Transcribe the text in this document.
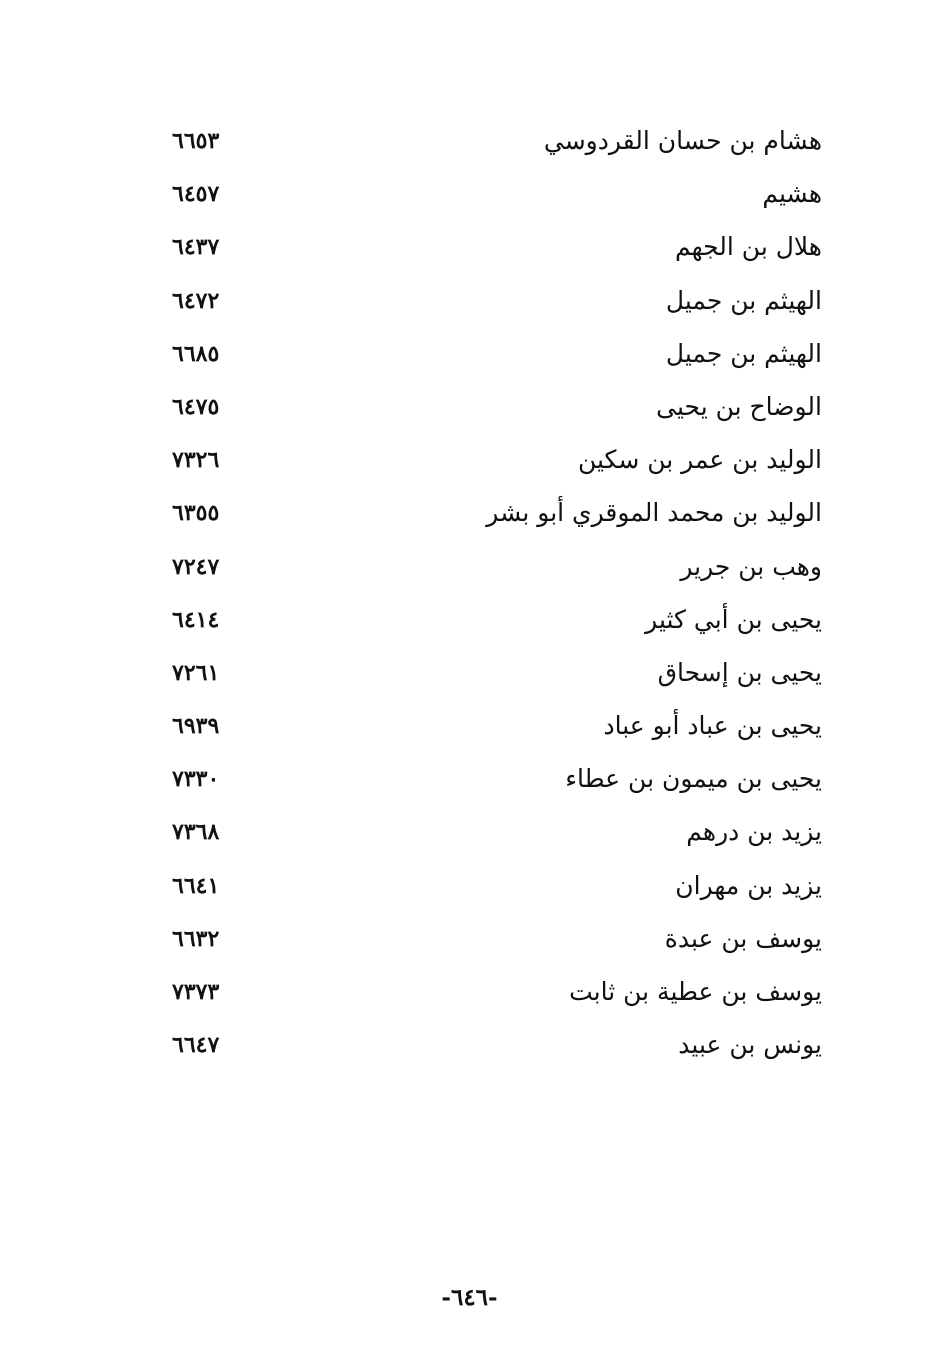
هشام بن حسان القردوسي
٦٦٥٣
هشيم
٦٤٥٧
هلال بن الجهم
٦٤٣٧
الهيثم بن جميل
٦٤٧٢
الهيثم بن جميل
٦٦٨٥
الوضاح بن يحيى
٦٤٧٥
الوليد بن عمر بن سكين
٧٣٢٦
الوليد بن محمد الموقري أبو بشر
٦٣٥٥
وهب بن جرير
٧٢٤٧
يحيى بن أبي كثير
٦٤١٤
يحيى بن إسحاق
٧٢٦١
يحيى بن عباد أبو عباد
٦٩٣٩
يحيى بن ميمون بن عطاء
٧٣٣٠
يزيد بن درهم
٧٣٦٨
يزيد بن مهران
٦٦٤١
يوسف بن عبدة
٦٦٣٢
يوسف بن عطية بن ثابت
٧٣٧٣
يونس بن عبيد
٦٦٤٧
-٦٤٦-
